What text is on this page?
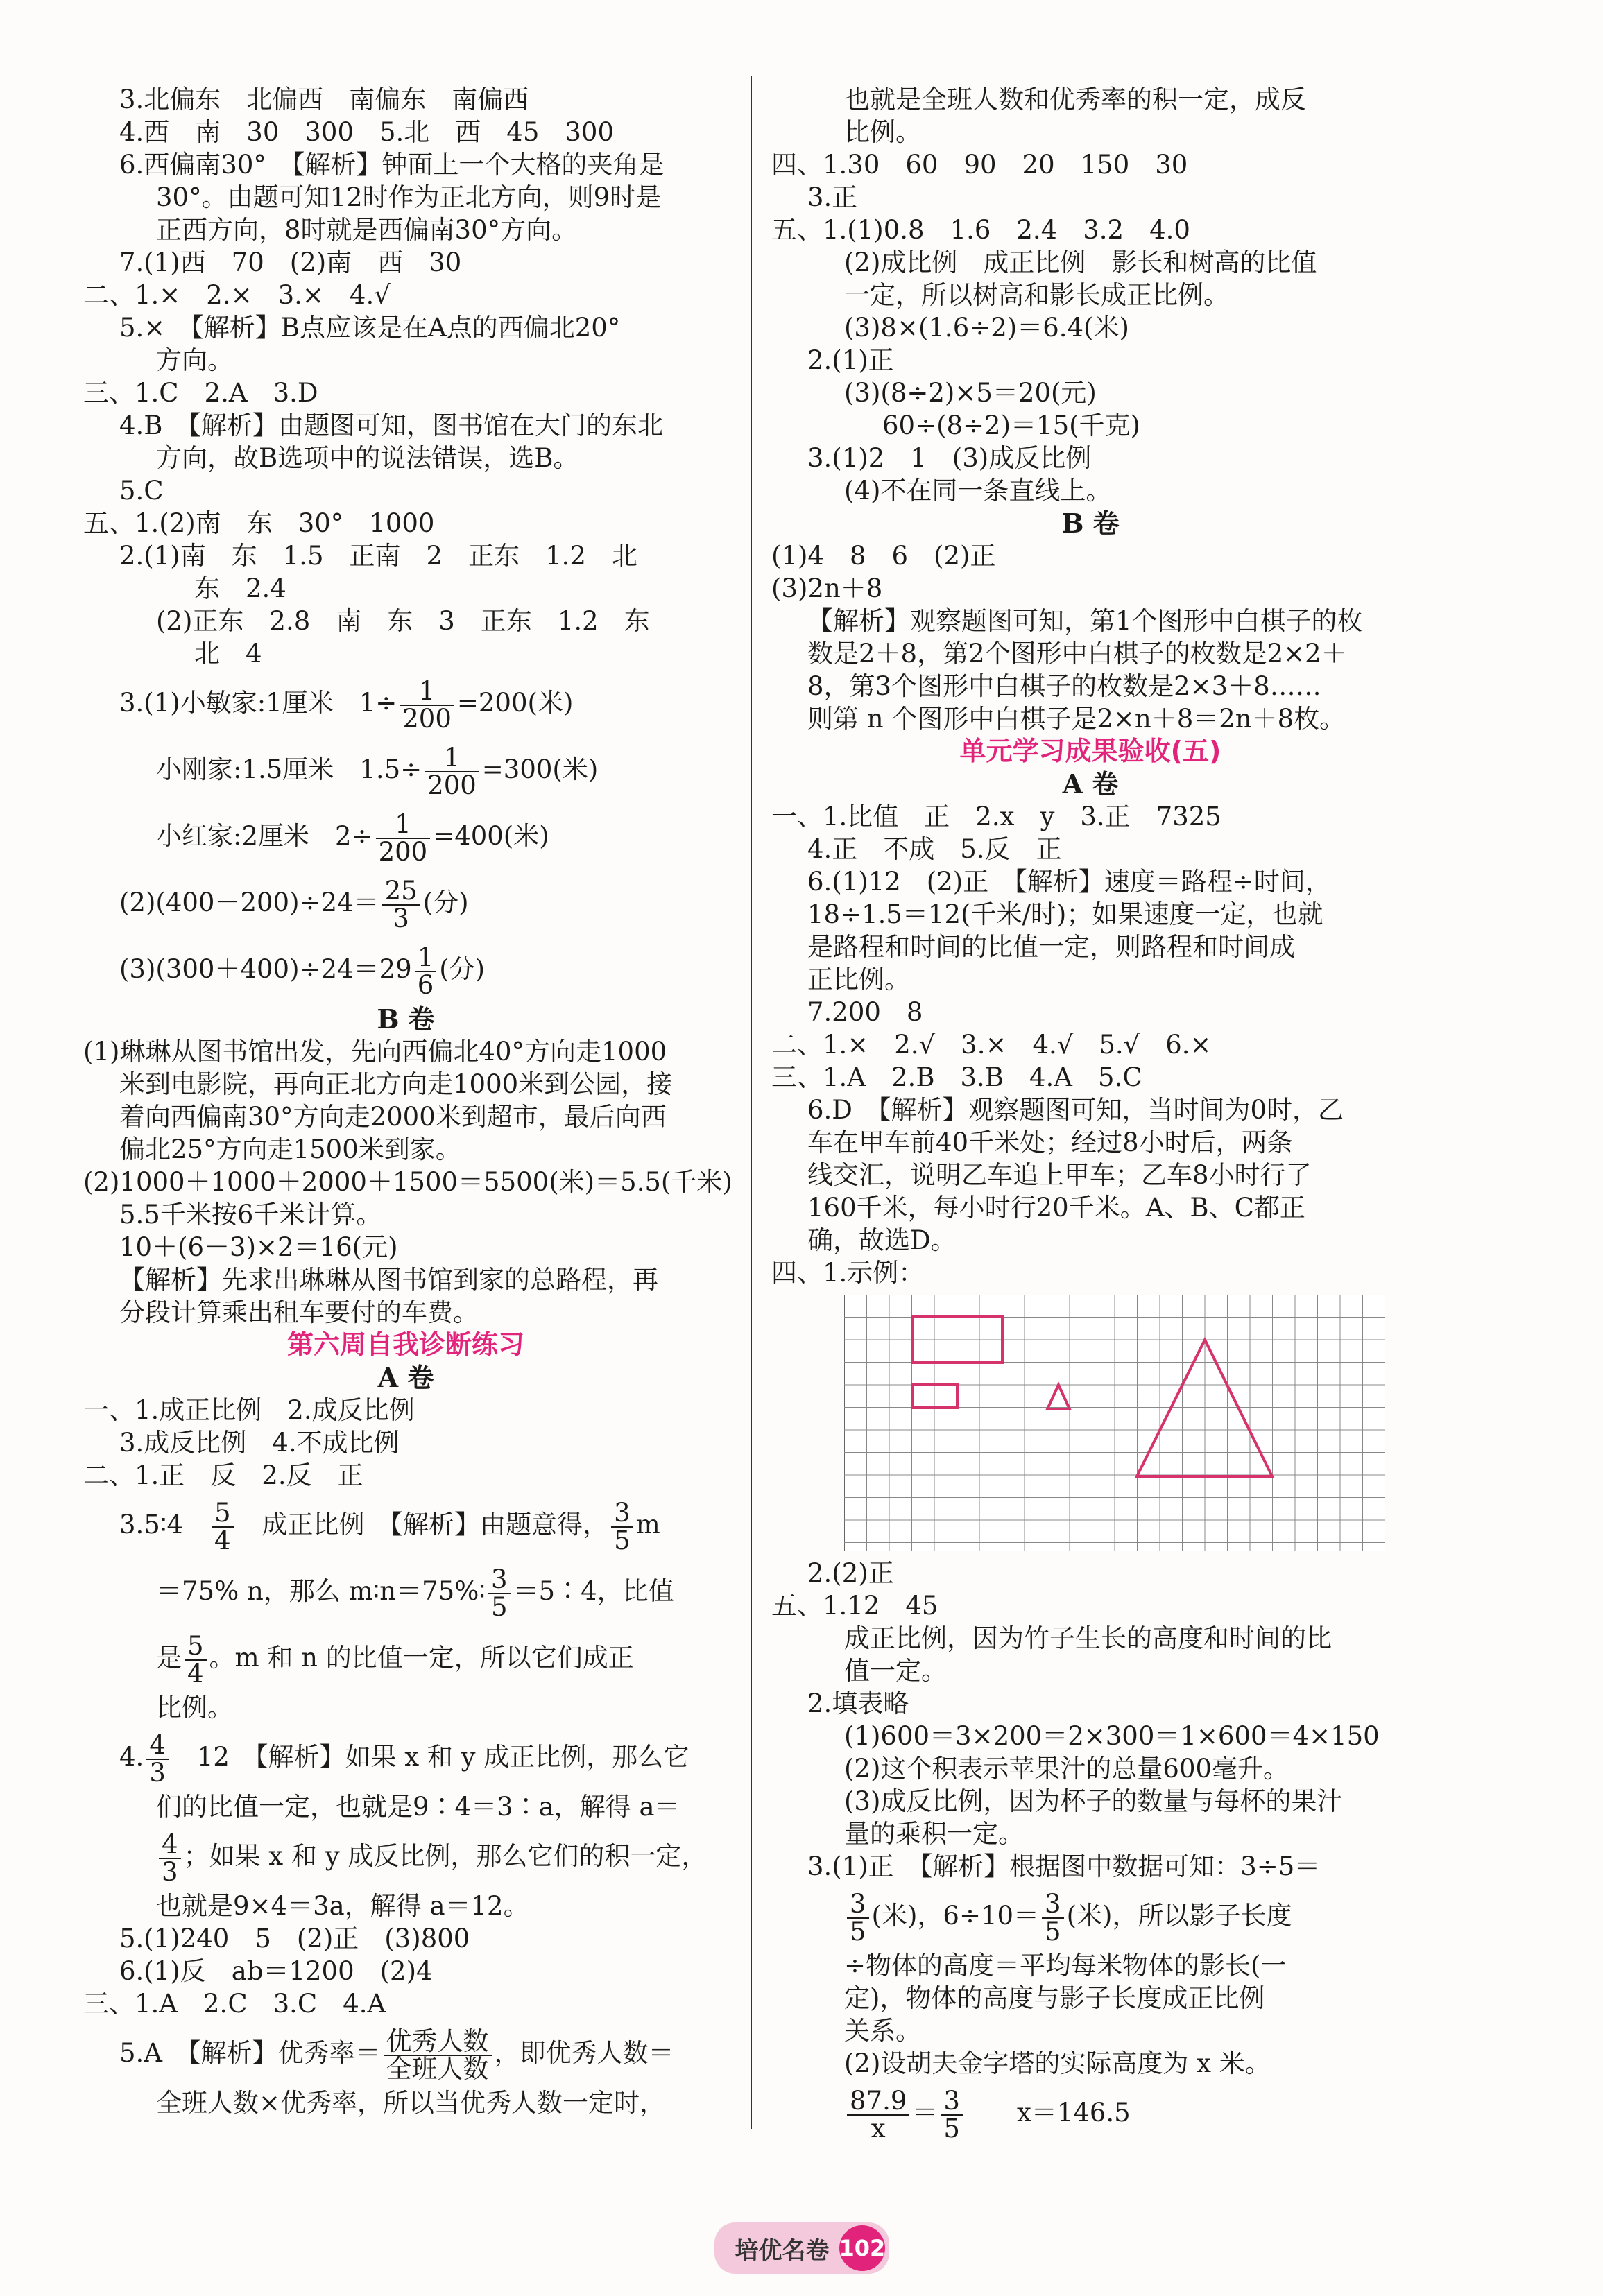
3.北偏东　北偏西　南偏东　南偏西
4.西　南　30　300　5.北　西　45　300
6.西偏南30°　【解析】钟面上一个大格的夹角是
30°。由题可知12时作为正北方向，则9时是
正西方向，8时就是西偏南30°方向。
7.(1)西　70　(2)南　西　30
二、1.×　2.×　3.×　4.√
5.×　【解析】B点应该是在A点的西偏北20°
方向。
三、1.C　2.A　3.D
4.B　【解析】由题图可知，图书馆在大门的东北
方向，故B选项中的说法错误，选B。
5.C
五、1.(2)南　东　30°　1000
2.(1)南　东　1.5　正南　2　正东　1.2　北
东　2.4
(2)正东　2.8　南　东　3　正东　1.2　东
北　4
3.(1)小敏家:1厘米　$1\div \frac{1}{200} =200$(米)
小刚家:1.5厘米　$1.5\div \frac{1}{200} =300$(米)
小红家:2厘米　$2\div \frac{1}{200} =400$(米)
$(2)(400-200)\div 24= \frac{25}{3}$ (分)
$(3)(300+400)\div 24=29 \frac{1}{6}$ (分)
B 卷
(1)琳琳从图书馆出发，先向西偏北40°方向走1000
米到电影院，再向正北方向走1000米到公园，接
着向西偏南30°方向走2000米到超市，最后向西
偏北25°方向走1500米到家。
(2)1000＋1000＋2000＋1500＝5500(米)＝5.5(千米)
5.5千米按6千米计算。
10＋(6－3)×2＝16(元)
【解析】先求出琳琳从图书馆到家的总路程，再
分段计算乘出租车要付的车费。
第六周自我诊断练习
A 卷
一、1.成正比例　2.成反比例
3.成反比例　4.不成比例
二、1.正　反　2.反　正
3.5∶4　 $\frac{5}{4}$ 　成正比例　【解析】由题意得， $\frac{3}{5}$ m
＝75% n，那么 m∶n＝75%∶ $\frac{3}{5}$ ＝5∶4，比值
是 $\frac{5}{4}$ 。m 和 n 的比值一定，所以它们成正
比例。
4. $\frac{4}{3}$ 　12　【解析】如果 x 和 y 成正比例，那么它
们的比值一定，也就是9∶4＝3∶a，解得 a＝
$\frac{4}{3}$ ；如果 x 和 y 成反比例，那么它们的积一定，
也就是9×4＝3a，解得 a＝12。
5.(1)240　5　(2)正　(3)800
6.(1)反　ab＝1200　(2)4
三、1.A　2.C　3.C　4.A
5.A　【解析】优秀率＝ $\frac{\text{优秀人数}}{\text{全班人数}}$ ，即优秀人数＝
全班人数×优秀率，所以当优秀人数一定时，
也就是全班人数和优秀率的积一定，成反
比例。
四、1.30　60　90　20　150　30
3.正
五、1.(1)0.8　1.6　2.4　3.2　4.0
(2)成比例　成正比例　影长和树高的比值
一定，所以树高和影长成正比例。
(3)8×(1.6÷2)＝6.4(米)
2.(1)正
(3)(8÷2)×5＝20(元)
60÷(8÷2)＝15(千克)
3.(1)2　1　(3)成反比例
(4)不在同一条直线上。
B 卷
(1)4　8　6　(2)正
(3)2n＋8
【解析】观察题图可知，第1个图形中白棋子的枚
数是2＋8，第2个图形中白棋子的枚数是2×2＋
8，第3个图形中白棋子的枚数是2×3＋8……
则第 n 个图形中白棋子是2×n＋8＝2n＋8枚。
单元学习成果验收(五)
A 卷
一、1.比值　正　2.x　y　3.正　7325
4.正　不成　5.反　正
6.(1)12　(2)正　【解析】速度＝路程÷时间，
18÷1.5＝12(千米/时)；如果速度一定，也就
是路程和时间的比值一定，则路程和时间成
正比例。
7.200　8
二、1.×　2.√　3.×　4.√　5.√　6.×
三、1.A　2.B　3.B　4.A　5.C
6.D　【解析】观察题图可知，当时间为0时，乙
车在甲车前40千米处；经过8小时后，两条
线交汇，说明乙车追上甲车；乙车8小时行了
160千米，每小时行20千米。A、B、C都正
确，故选D。
四、1.示例：
2.(2)正
五、1.12　45
成正比例，因为竹子生长的高度和时间的比
值一定。
2.填表略
(1)600＝3×200＝2×300＝1×600＝4×150
(2)这个积表示苹果汁的总量600毫升。
(3)成反比例，因为杯子的数量与每杯的果汁
量的乘积一定。
3.(1)正　【解析】根据图中数据可知：3÷5＝
$\frac{3}{5}$ (米)，$6\div 10= \frac{3}{5}$ (米)，所以影子长度
÷物体的高度＝平均每米物体的影长(一
定)，物体的高度与影子长度成正比例
关系。
(2)设胡夫金字塔的实际高度为 x 米。
$\frac{87.9}{x} = \frac{3}{5}$
　　 x＝146.5
培优名卷 102
